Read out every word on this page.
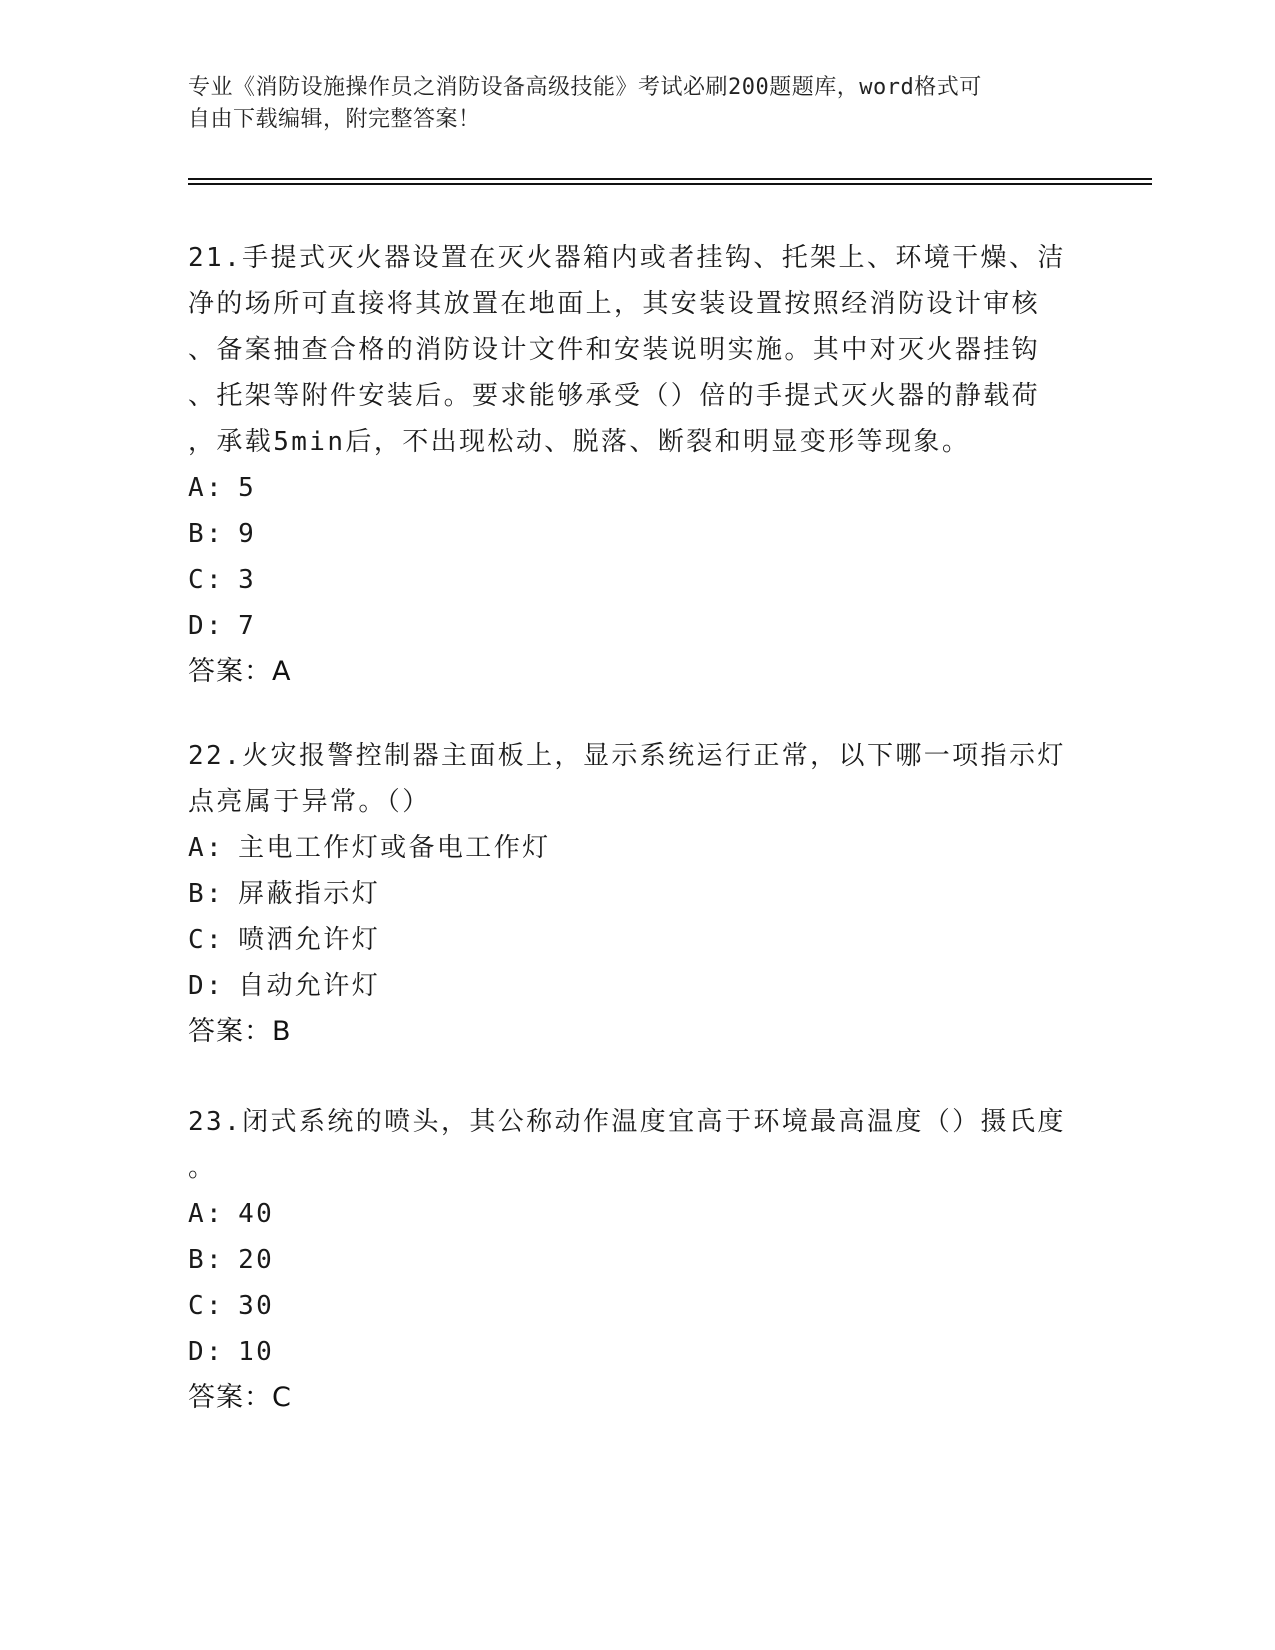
专业《消防设施操作员之消防设备高级技能》考试必刷200题题库，word格式可
自由下载编辑，附完整答案！
21.手提式灭火器设置在灭火器箱内或者挂钩、托架上、环境干燥、洁
净的场所可直接将其放置在地面上，其安装设置按照经消防设计审核
、备案抽查合格的消防设计文件和安装说明实施。其中对灭火器挂钩
、托架等附件安装后。要求能够承受（）倍的手提式灭火器的静载荷
，承载5min后，不出现松动、脱落、断裂和明显变形等现象。
A: 5
B: 9
C: 3
D: 7
答案：A
22.火灾报警控制器主面板上，显示系统运行正常，以下哪一项指示灯
点亮属于异常。（）
A: 主电工作灯或备电工作灯
B: 屏蔽指示灯
C: 喷洒允许灯
D: 自动允许灯
答案：B
23.闭式系统的喷头，其公称动作温度宜高于环境最高温度（）摄氏度
。
A: 40
B: 20
C: 30
D: 10
答案：C
